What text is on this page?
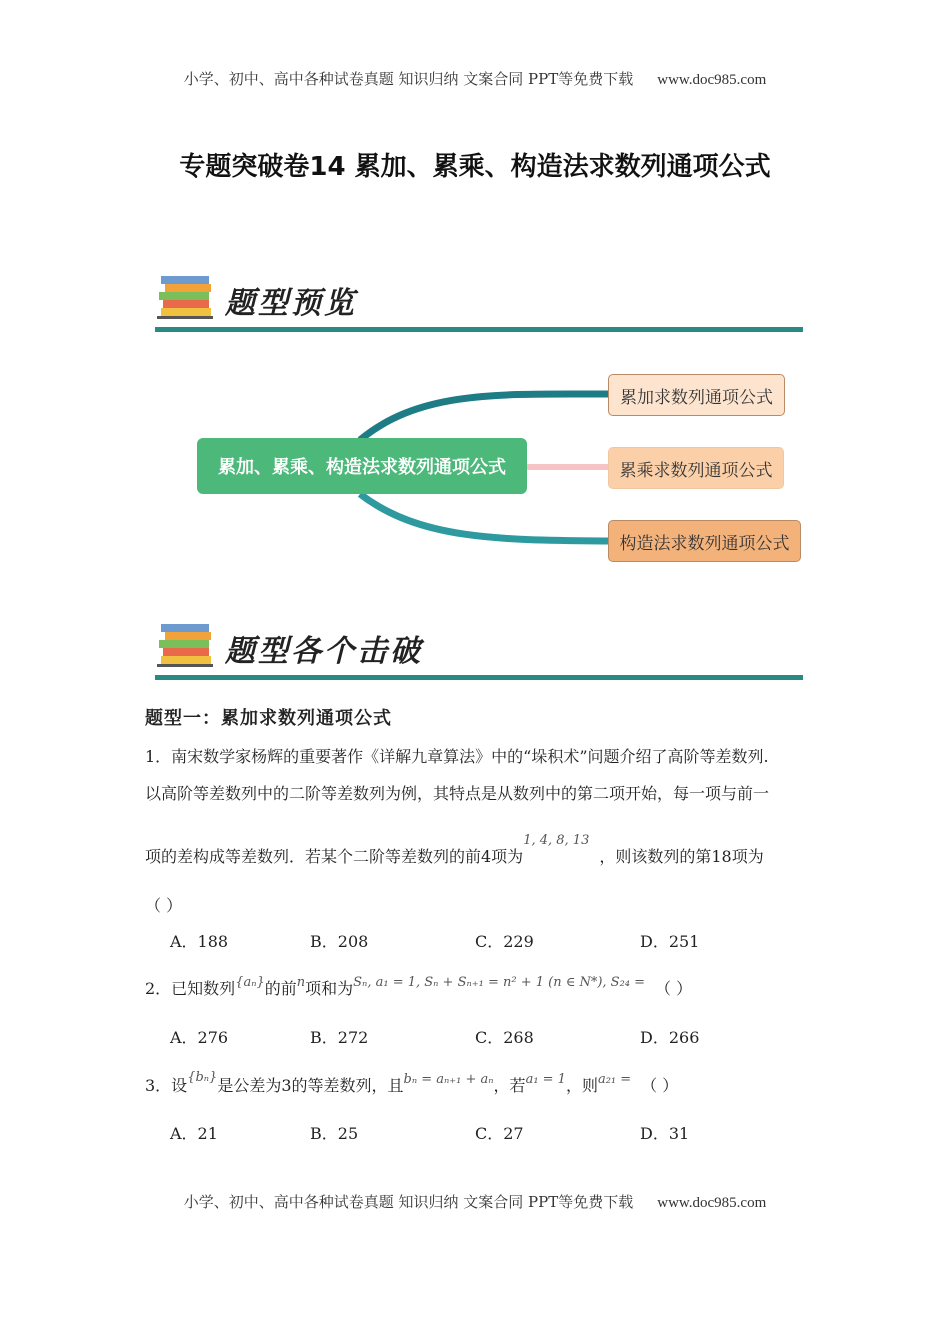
小学、初中、高中各种试卷真题 知识归纳 文案合同 PPT等免费下载 www.doc985.com
专题突破卷14 累加、累乘、构造法求数列通项公式
题型预览
累加、累乘、构造法求数列通项公式
累加求数列通项公式
累乘求数列通项公式
构造法求数列通项公式
题型各个击破
题型一：累加求数列通项公式
1．南宋数学家杨辉的重要著作《详解九章算法》中的“垛积术”问题介绍了高阶等差数列.
以高阶等差数列中的二阶等差数列为例，其特点是从数列中的第二项开始，每一项与前一
项的差构成等差数列．若某个二阶等差数列的前4项为$^{1, 4, 8, 13}$，则该数列的第18项为
（ ）
A．188	B．208	C．229	D．251
2．已知数列$^{\{a_n\}}$的前$^n$项和为$^{S_n, a_1 = 1, S_n + S_{n+1} = n^2 + 1 (n \in N*), S_{24} =}$ （ ）
A．276	B．272	C．268	D．266
3．设$^{\{b_n\}}$是公差为3的等差数列，且$^{b_n = a_{n+1} + a_n}$，若$^{a_1 = 1}$，则$^{a_{21} =}$ （ ）
A．21	B．25	C．27	D．31
小学、初中、高中各种试卷真题 知识归纳 文案合同 PPT等免费下载 www.doc985.com
